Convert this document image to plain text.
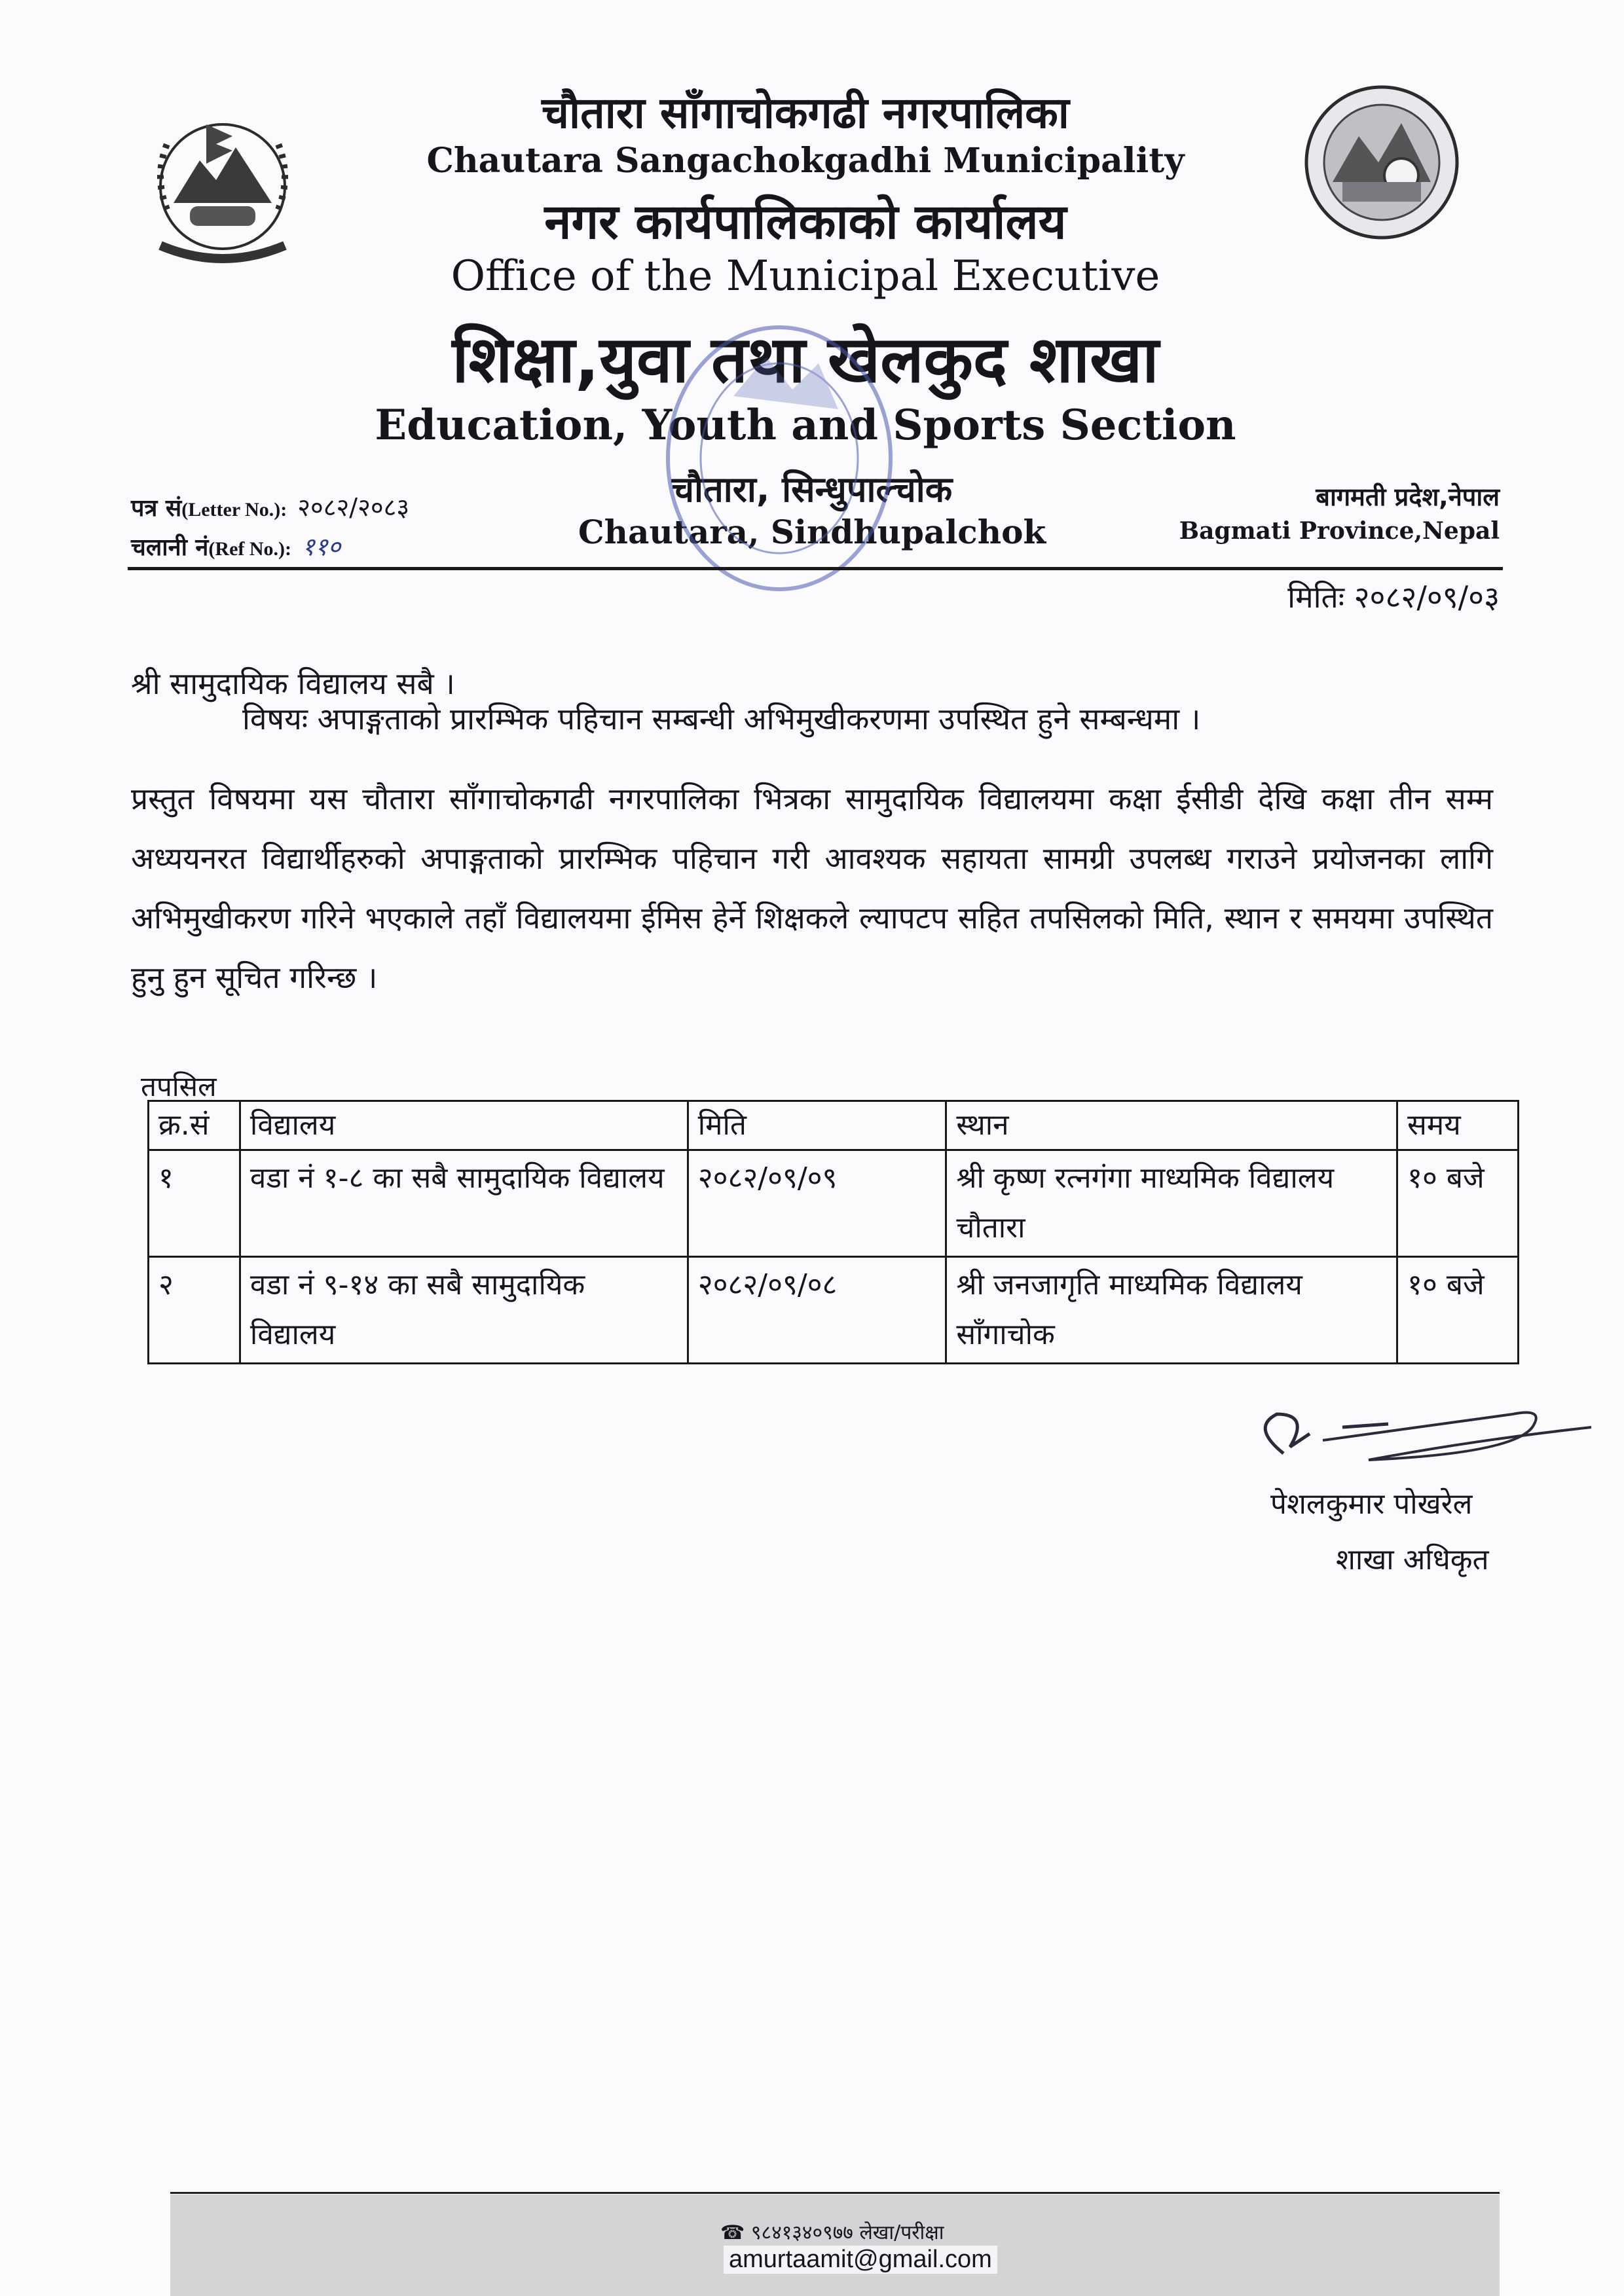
चौतारा साँगाचोकगढी नगरपालिका
Chautara Sangachokgadhi Municipality
नगर कार्यपालिकाको कार्यालय
Office of the Municipal Executive
शिक्षा,युवा तथा खेलकुद शाखा
Education, Youth and Sports Section
चौतारा, सिन्धुपाल्चोक
Chautara, Sindhupalchok
पत्र सं(Letter No.): २०८२/२०८३
चलानी नं(Ref No.): ११०
बागमती प्रदेश,नेपाल
Bagmati Province,Nepal
मितिः २०८२/०९/०३
श्री सामुदायिक विद्यालय सबै ।
विषयः अपाङ्गताको प्रारम्भिक पहिचान सम्बन्धी अभिमुखीकरणमा उपस्थित हुने सम्बन्धमा ।
प्रस्तुत विषयमा यस चौतारा साँगाचोकगढी नगरपालिका भित्रका सामुदायिक विद्यालयमा कक्षा ईसीडी देखि कक्षा तीन सम्म अध्ययनरत विद्यार्थीहरुको अपाङ्गताको प्रारम्भिक पहिचान गरी आवश्यक सहायता सामग्री उपलब्ध गराउने प्रयोजनका लागि अभिमुखीकरण गरिने भएकाले तहाँ विद्यालयमा ईमिस हेर्ने शिक्षकले ल्यापटप सहित तपसिलको मिति, स्थान र समयमा उपस्थित हुनु हुन सूचित गरिन्छ ।
तपसिल
क्र.सं	विद्यालय	मिति	स्थान	समय
१	वडा नं १-८ का सबै सामुदायिक विद्यालय	२०८२/०९/०९	श्री कृष्ण रत्नगंगा माध्यमिक विद्यालय चौतारा	१० बजे
२	वडा नं ९-१४ का सबै सामुदायिक विद्यालय	२०८२/०९/०८	श्री जनजागृति माध्यमिक विद्यालय साँगाचोक	१० बजे
पेशलकुमार पोखरेल
शाखा अधिकृत
☎ ९८४१३४०९७७ लेखा/परीक्षा
amurtaamit@gmail.com
